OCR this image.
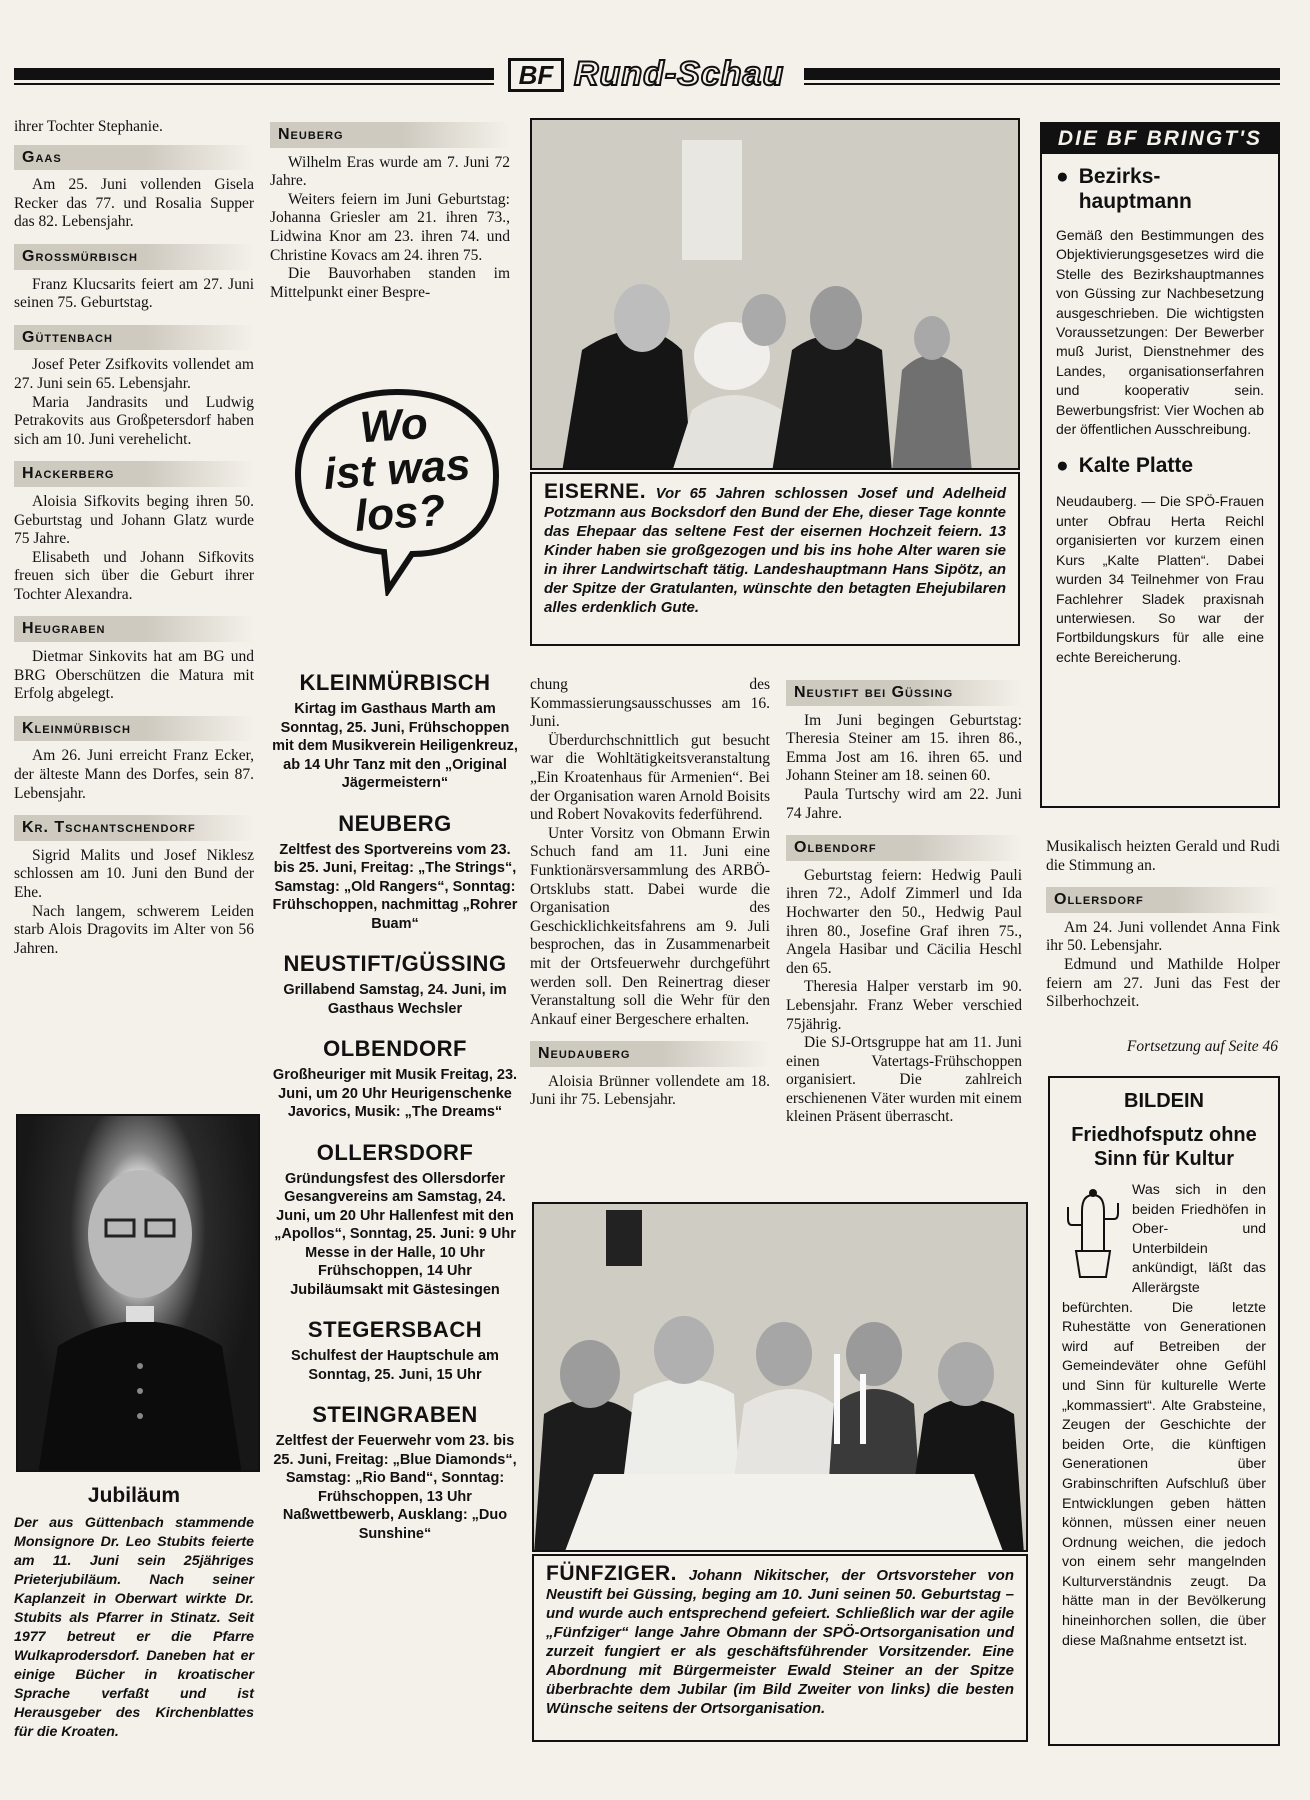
BF Rund-Schau

ihrer Tochter Stephanie.

Gaas

Am 25. Juni vollenden Gisela Recker das 77. und Rosalia Supper das 82. Lebensjahr.

Grossmürbisch

Franz Klucsarits feiert am 27. Juni seinen 75. Geburtstag.

Güttenbach

Josef Peter Zsifkovits vollendet am 27. Juni sein 65. Lebensjahr.

Maria Jandrasits und Ludwig Petrakovits aus Großpetersdorf haben sich am 10. Juni verehelicht.

Hackerberg

Aloisia Sifkovits beging ihren 50. Geburtstag und Johann Glatz wurde 75 Jahre.

Elisabeth und Johann Sifkovits freuen sich über die Geburt ihrer Tochter Alexandra.

Heugraben

Dietmar Sinkovits hat am BG und BRG Oberschützen die Matura mit Erfolg abgelegt.

Kleinmürbisch

Am 26. Juni erreicht Franz Ecker, der älteste Mann des Dorfes, sein 87. Lebensjahr.

Kr. Tschantschendorf

Sigrid Malits und Josef Niklesz schlossen am 10. Juni den Bund der Ehe.

Nach langem, schwerem Leiden starb Alois Dragovits im Alter von 56 Jahren.

Jubiläum
Der aus Güttenbach stammende Monsignore Dr. Leo Stubits feierte am 11. Juni sein 25jähriges Prieterjubiläum. Nach seiner Kaplanzeit in Oberwart wirkte Dr. Stubits als Pfarrer in Stinatz. Seit 1977 betreut er die Pfarre Wulkaprodersdorf. Daneben hat er einige Bücher in kroatischer Sprache verfaßt und ist Herausgeber des Kirchenblattes für die Kroaten.
Neuberg

Wilhelm Eras wurde am 7. Juni 72 Jahre.

Weiters feiern im Juni Geburtstag: Johanna Griesler am 21. ihren 73., Lidwina Knor am 23. ihren 74. und Christine Kovacs am 24. ihren 75.

Die Bauvorhaben standen im Mittelpunkt einer Bespre-

Wo
ist was
los?
KLEINMÜRBISCH

Kirtag im Gasthaus Marth am Sonntag, 25. Juni, Frühschoppen mit dem Musikverein Heiligenkreuz, ab 14 Uhr Tanz mit den „Original Jägermeistern“

NEUBERG

Zeltfest des Sportvereins vom 23. bis 25. Juni, Freitag: „The Strings“, Samstag: „Old Rangers“, Sonntag: Frühschoppen, nachmittag „Rohrer Buam“

NEUSTIFT/GÜSSING

Grillabend Samstag, 24. Juni, im Gasthaus Wechsler

OLBENDORF

Großheuriger mit Musik Freitag, 23. Juni, um 20 Uhr Heurigenschenke Javorics, Musik: „The Dreams“

OLLERSDORF

Gründungsfest des Ollersdorfer Gesangvereins am Samstag, 24. Juni, um 20 Uhr Hallenfest mit den „Apollos“, Sonntag, 25. Juni: 9 Uhr Messe in der Halle, 10 Uhr Frühschoppen, 14 Uhr Jubiläumsakt mit Gästesingen

STEGERSBACH

Schulfest der Hauptschule am Sonntag, 25. Juni, 15 Uhr

STEINGRABEN

Zeltfest der Feuerwehr vom 23. bis 25. Juni, Freitag: „Blue Diamonds“, Samstag: „Rio Band“, Sonntag: Frühschoppen, 13 Uhr Naßwettbewerb, Ausklang: „Duo Sunshine“

EISERNE. Vor 65 Jahren schlossen Josef und Adelheid Potzmann aus Bocksdorf den Bund der Ehe, dieser Tage konnte das Ehepaar das seltene Fest der eisernen Hochzeit feiern. 13 Kinder haben sie großgezogen und bis ins hohe Alter waren sie in ihrer Landwirtschaft tätig. Landeshauptmann Hans Sipötz, an der Spitze der Gratulanten, wünschte den betagten Ehejubilaren alles erdenklich Gute.

chung des Kommassierungsausschusses am 16. Juni.

Überdurchschnittlich gut besucht war die Wohltätigkeitsveranstaltung „Ein Kroatenhaus für Armenien“. Bei der Organisation waren Arnold Boisits und Robert Novakovits federführend.

Unter Vorsitz von Obmann Erwin Schuch fand am 11. Juni eine Funktionärsversammlung des ARBÖ-Ortsklubs statt. Dabei wurde die Organisation des Geschicklichkeitsfahrens am 9. Juli besprochen, das in Zusammenarbeit mit der Ortsfeuerwehr durchgeführt werden soll. Den Reinertrag dieser Veranstaltung soll die Wehr für den Ankauf einer Bergeschere erhalten.

Neudauberg

Aloisia Brünner vollendete am 18. Juni ihr 75. Lebensjahr.

Neustift bei Güssing

Im Juni begingen Geburtstag: Theresia Steiner am 15. ihren 86., Emma Jost am 16. ihren 65. und Johann Steiner am 18. seinen 60.

Paula Turtschy wird am 22. Juni 74 Jahre.

Olbendorf

Geburtstag feiern: Hedwig Pauli ihren 72., Adolf Zimmerl und Ida Hochwarter den 50., Hedwig Paul ihren 80., Josefine Graf ihren 75., Angela Hasibar und Cäcilia Heschl den 65.

Theresia Halper verstarb im 90. Lebensjahr. Franz Weber verschied 75jährig.

Die SJ-Ortsgruppe hat am 11. Juni einen Vatertags-Frühschoppen organisiert. Die zahlreich erschienenen Väter wurden mit einem kleinen Präsent überrascht.

FÜNFZIGER. Johann Nikitscher, der Ortsvorsteher von Neustift bei Güssing, beging am 10. Juni seinen 50. Geburtstag – und wurde auch entsprechend gefeiert. Schließlich war der agile „Fünfziger“ lange Jahre Obmann der SPÖ-Ortsorganisation und zurzeit fungiert er als geschäftsführender Vorsitzender. Eine Abordnung mit Bürgermeister Ewald Steiner an der Spitze überbrachte dem Jubilar (im Bild Zweiter von links) die besten Wünsche seitens der Ortsorganisation.
DIE BF BRINGT'S
● Bezirks-hauptmann
Gemäß den Bestimmungen des Objektivierungsgesetzes wird die Stelle des Bezirkshauptmannes von Güssing zur Nachbesetzung ausgeschrieben. Die wichtigsten Voraussetzungen: Der Bewerber muß Jurist, Dienstnehmer des Landes, organisationserfahren und kooperativ sein. Bewerbungsfrist: Vier Wochen ab der öffentlichen Ausschreibung.
● Kalte Platte
Neudauberg. — Die SPÖ-Frauen unter Obfrau Herta Reichl organisierten vor kurzem einen Kurs „Kalte Platten“. Dabei wurden 34 Teilnehmer von Frau Fachlehrer Sladek praxisnah unterwiesen. So war der Fortbildungskurs für alle eine echte Bereicherung.

Musikalisch heizten Gerald und Rudi die Stimmung an.

Ollersdorf

Am 24. Juni vollendet Anna Fink ihr 50. Lebensjahr.

Edmund und Mathilde Holper feiern am 27. Juni das Fest der Silberhochzeit.

Fortsetzung auf Seite 46
BILDEIN
Friedhofsputz ohne Sinn für Kultur
Was sich in den beiden Friedhöfen in Ober- und Unterbildein ankündigt, läßt das Allerärgste befürchten. Die letzte Ruhestätte von Generationen wird auf Betreiben der Gemeindeväter ohne Gefühl und Sinn für kulturelle Werte „kommassiert“. Alte Grabsteine, Zeugen der Geschichte der beiden Orte, die künftigen Generationen über Grabinschriften Aufschluß über Entwicklungen geben hätten können, müssen einer neuen Ordnung weichen, die jedoch von einem sehr mangelnden Kulturverständnis zeugt. Da hätte man in der Bevölkerung hineinhorchen sollen, die über diese Maßnahme entsetzt ist.
